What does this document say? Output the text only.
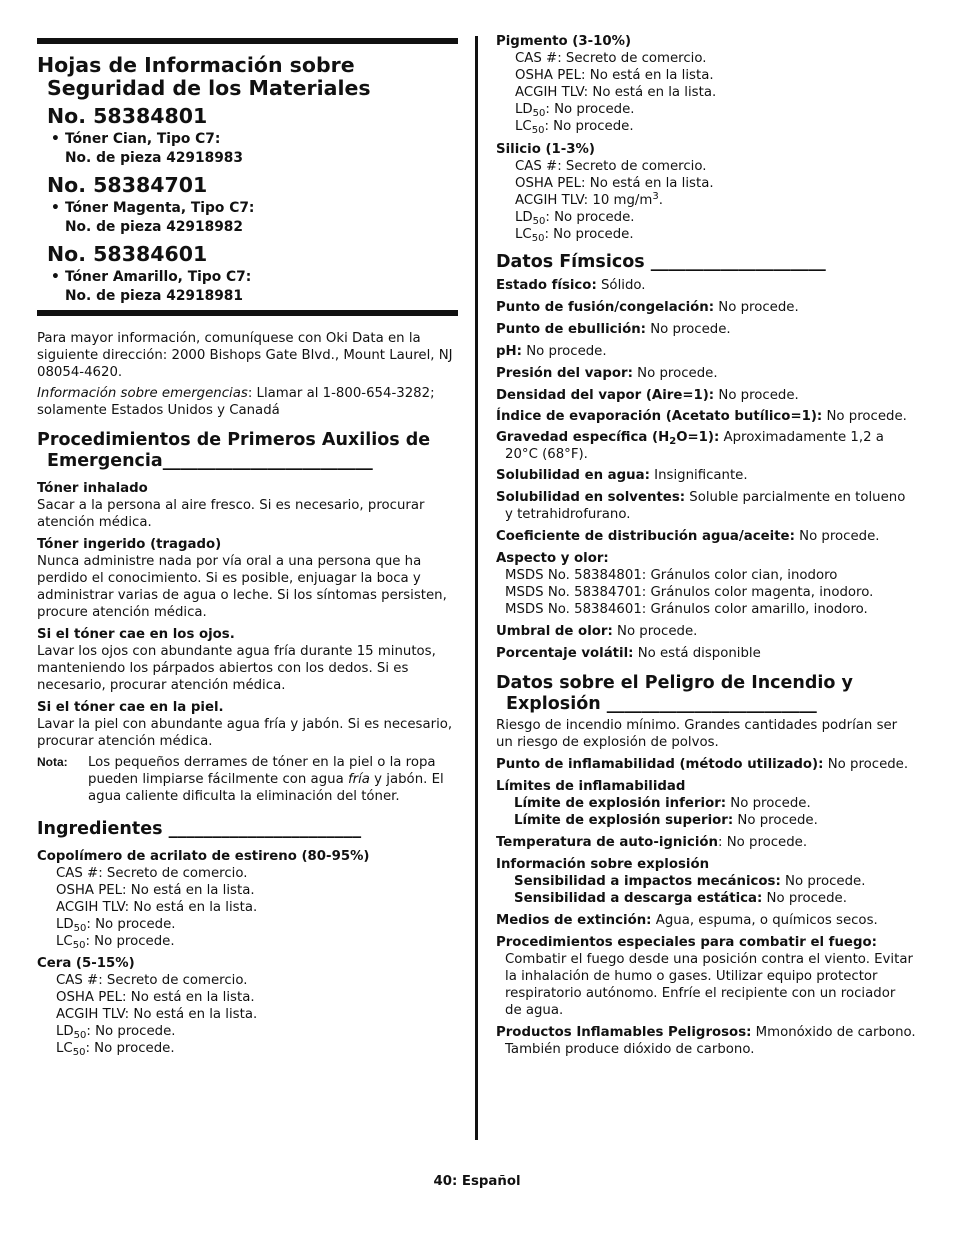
Hojas de Información sobre
Seguridad de los Materiales
No. 58384801
• Tóner Cian, Tipo C7:
No. de pieza 42918983
No. 58384701
• Tóner Magenta, Tipo C7:
No. de pieza 42918982
No. 58384601
• Tóner Amarillo, Tipo C7:
No. de pieza 42918981

Para mayor información, comuníquese con Oki Data en la siguiente dirección: 2000 Bishops Gate Blvd., Mount Laurel, NJ 08054-4620.

Información sobre emergencias: Llamar al 1-800-654-3282; solamente Estados Unidos y Canadá

Procedimientos de Primeros Auxilios de
Emergencia________________________
Tóner inhalado

Sacar a la persona al aire fresco. Si es necesario, procurar atención médica.

Tóner ingerido (tragado)

Nunca administre nada por vía oral a una persona que ha perdido el conocimiento. Si es posible, enjuagar la boca y administrar varias de agua o leche. Si los síntomas persisten, procure atención médica.

Si el tóner cae en los ojos.

Lavar los ojos con abundante agua fría durante 15 minutos, manteniendo los párpados abiertos con los dedos. Si es necesario, procurar atención médica.

Si el tóner cae en la piel.

Lavar la piel con abundante agua fría y jabón. Si es necesario, procurar atención médica.

Nota: Los pequeños derrames de tóner en la piel o la ropa pueden limpiarse fácilmente con agua fría y jabón. El agua caliente dificulta la eliminación del tóner.
Ingredientes ______________________
Copolímero de acrilato de estireno (80-95%)
CAS #: Secreto de comercio.
OSHA PEL: No está en la lista.
ACGIH TLV: No está en la lista.
$LD_{50}$: No procede.
$LC_{50}$: No procede.
Cera (5-15%)
CAS #: Secreto de comercio.
OSHA PEL: No está en la lista.
ACGIH TLV: No está en la lista.
$LD_{50}$: No procede.
$LC_{50}$: No procede.
Pigmento (3-10%)
CAS #: Secreto de comercio.
OSHA PEL: No está en la lista.
ACGIH TLV: No está en la lista.
$LD_{50}$: No procede.
$LC_{50}$: No procede.
Silicio (1-3%)
CAS #: Secreto de comercio.
OSHA PEL: No está en la lista.
ACGIH TLV: 10 $mg/m^3$.
$LD_{50}$: No procede.
$LC_{50}$: No procede.
Datos Fímsicos ____________________

Estado físico: Sólido.

Punto de fusión/congelación: No procede.

Punto de ebullición: No procede.

pH: No procede.

Presión del vapor: No procede.

Densidad del vapor (Aire=1): No procede.

Índice de evaporación (Acetato butílico=1): No procede.

Gravedad específica $(H_2O=1)$: Aproximadamente 1,2 a 20°C (68°F).

Solubilidad en agua: Insignificante.

Solubilidad en solventes: Soluble parcialmente en tolueno y tetrahidrofurano.

Coeficiente de distribución agua/aceite: No procede.

Aspecto y olor:

MSDS No. 58384801: Gránulos color cian, inodoro
MSDS No. 58384701: Gránulos color magenta, inodoro.
MSDS No. 58384601: Gránulos color amarillo, inodoro.

Umbral de olor: No procede.

Porcentaje volátil: No está disponible

Datos sobre el Peligro de Incendio y
Explosión ________________________

Riesgo de incendio mínimo. Grandes cantidades podrían ser un riesgo de explosión de polvos.

Punto de inflamabilidad (método utilizado): No procede.

Límites de inflamabilidad

Límite de explosión inferior: No procede.
Límite de explosión superior: No procede.

Temperatura de auto-ignición: No procede.

Información sobre explosión

Sensibilidad a impactos mecánicos: No procede.
Sensibilidad a descarga estática: No procede.

Medios de extinción: Agua, espuma, o químicos secos.

Procedimientos especiales para combatir el fuego:

Combatir el fuego desde una posición contra el viento. Evitar la inhalación de humo o gases. Utilizar equipo protector respiratorio autónomo. Enfríe el recipiente con un rociador de agua.

Productos Inflamables Peligrosos: Mmonóxido de carbono. También produce dióxido de carbono.

40: Español
